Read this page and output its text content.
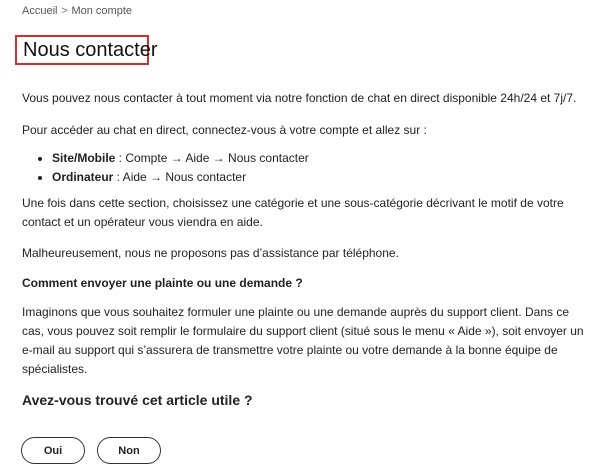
Accueil > Mon compte
Nous contacter

Vous pouvez nous contacter à tout moment via notre fonction de chat en direct disponible 24h/24 et 7j/7.

Pour accéder au chat en direct, connectez-vous à votre compte et allez sur :

Site/Mobile : Compte → Aide → Nous contacter
Ordinateur : Aide → Nous contacter

Une fois dans cette section, choisissez une catégorie et une sous-catégorie décrivant le motif de votre contact et un opérateur vous viendra en aide.

Malheureusement, nous ne proposons pas d’assistance par téléphone.

Comment envoyer une plainte ou une demande ?

Imaginons que vous souhaitez formuler une plainte ou une demande auprès du support client. Dans ce cas, vous pouvez soit remplir le formulaire du support client (situé sous le menu « Aide »), soit envoyer un e-mail au support qui s’assurera de transmettre votre plainte ou votre demande à la bonne équipe de spécialistes.

Avez-vous trouvé cet article utile ?
Oui	Non
